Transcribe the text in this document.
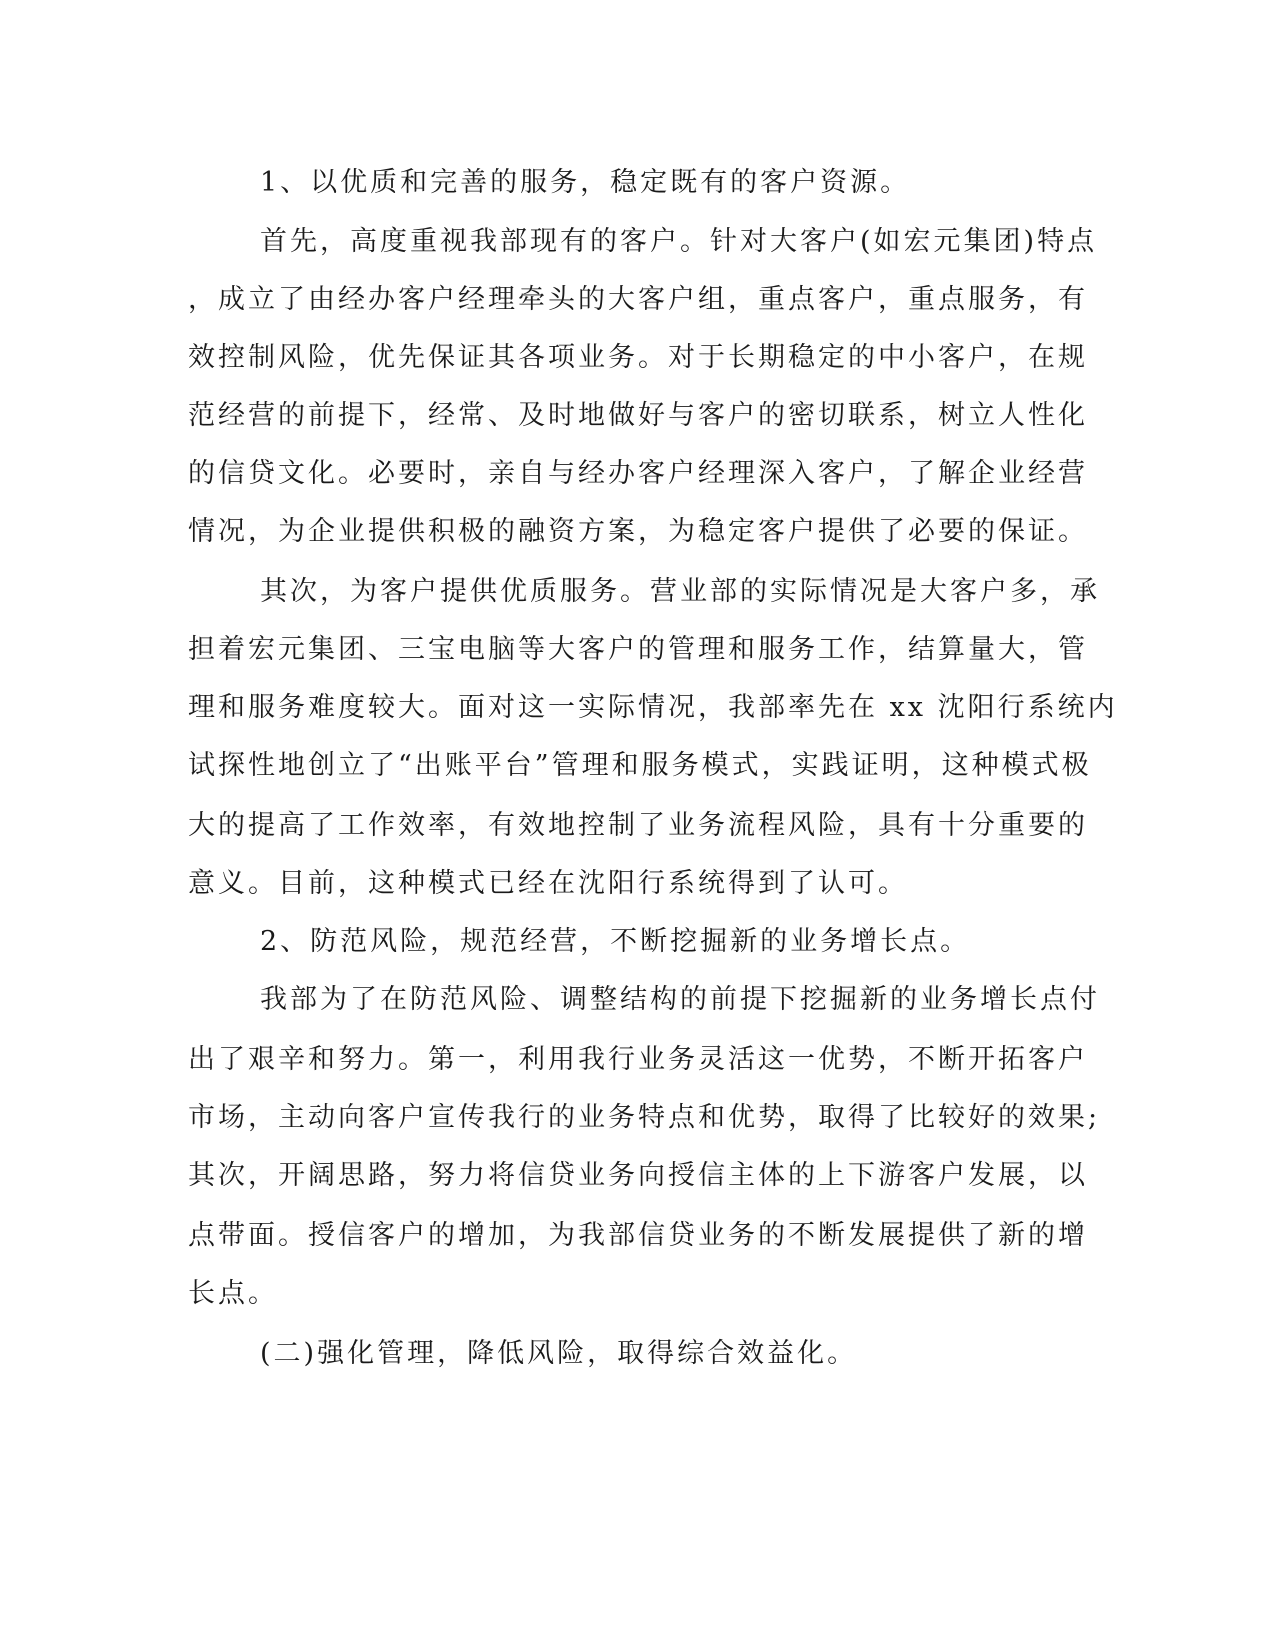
1、以优质和完善的服务，稳定既有的客户资源。
首先，高度重视我部现有的客户。针对大客户(如宏元集团)特点
，成立了由经办客户经理牵头的大客户组，重点客户，重点服务，有
效控制风险，优先保证其各项业务。对于长期稳定的中小客户，在规
范经营的前提下，经常、及时地做好与客户的密切联系，树立人性化
的信贷文化。必要时，亲自与经办客户经理深入客户，了解企业经营
情况，为企业提供积极的融资方案，为稳定客户提供了必要的保证。
其次，为客户提供优质服务。营业部的实际情况是大客户多，承
担着宏元集团、三宝电脑等大客户的管理和服务工作，结算量大，管
理和服务难度较大。面对这一实际情况，我部率先在 xx 沈阳行系统内
试探性地创立了“出账平台”管理和服务模式，实践证明，这种模式极
大的提高了工作效率，有效地控制了业务流程风险，具有十分重要的
意义。目前，这种模式已经在沈阳行系统得到了认可。
2、防范风险，规范经营，不断挖掘新的业务增长点。
我部为了在防范风险、调整结构的前提下挖掘新的业务增长点付
出了艰辛和努力。第一，利用我行业务灵活这一优势，不断开拓客户
市场，主动向客户宣传我行的业务特点和优势，取得了比较好的效果;
其次，开阔思路，努力将信贷业务向授信主体的上下游客户发展，以
点带面。授信客户的增加，为我部信贷业务的不断发展提供了新的增
长点。
(二)强化管理，降低风险，取得综合效益化。
